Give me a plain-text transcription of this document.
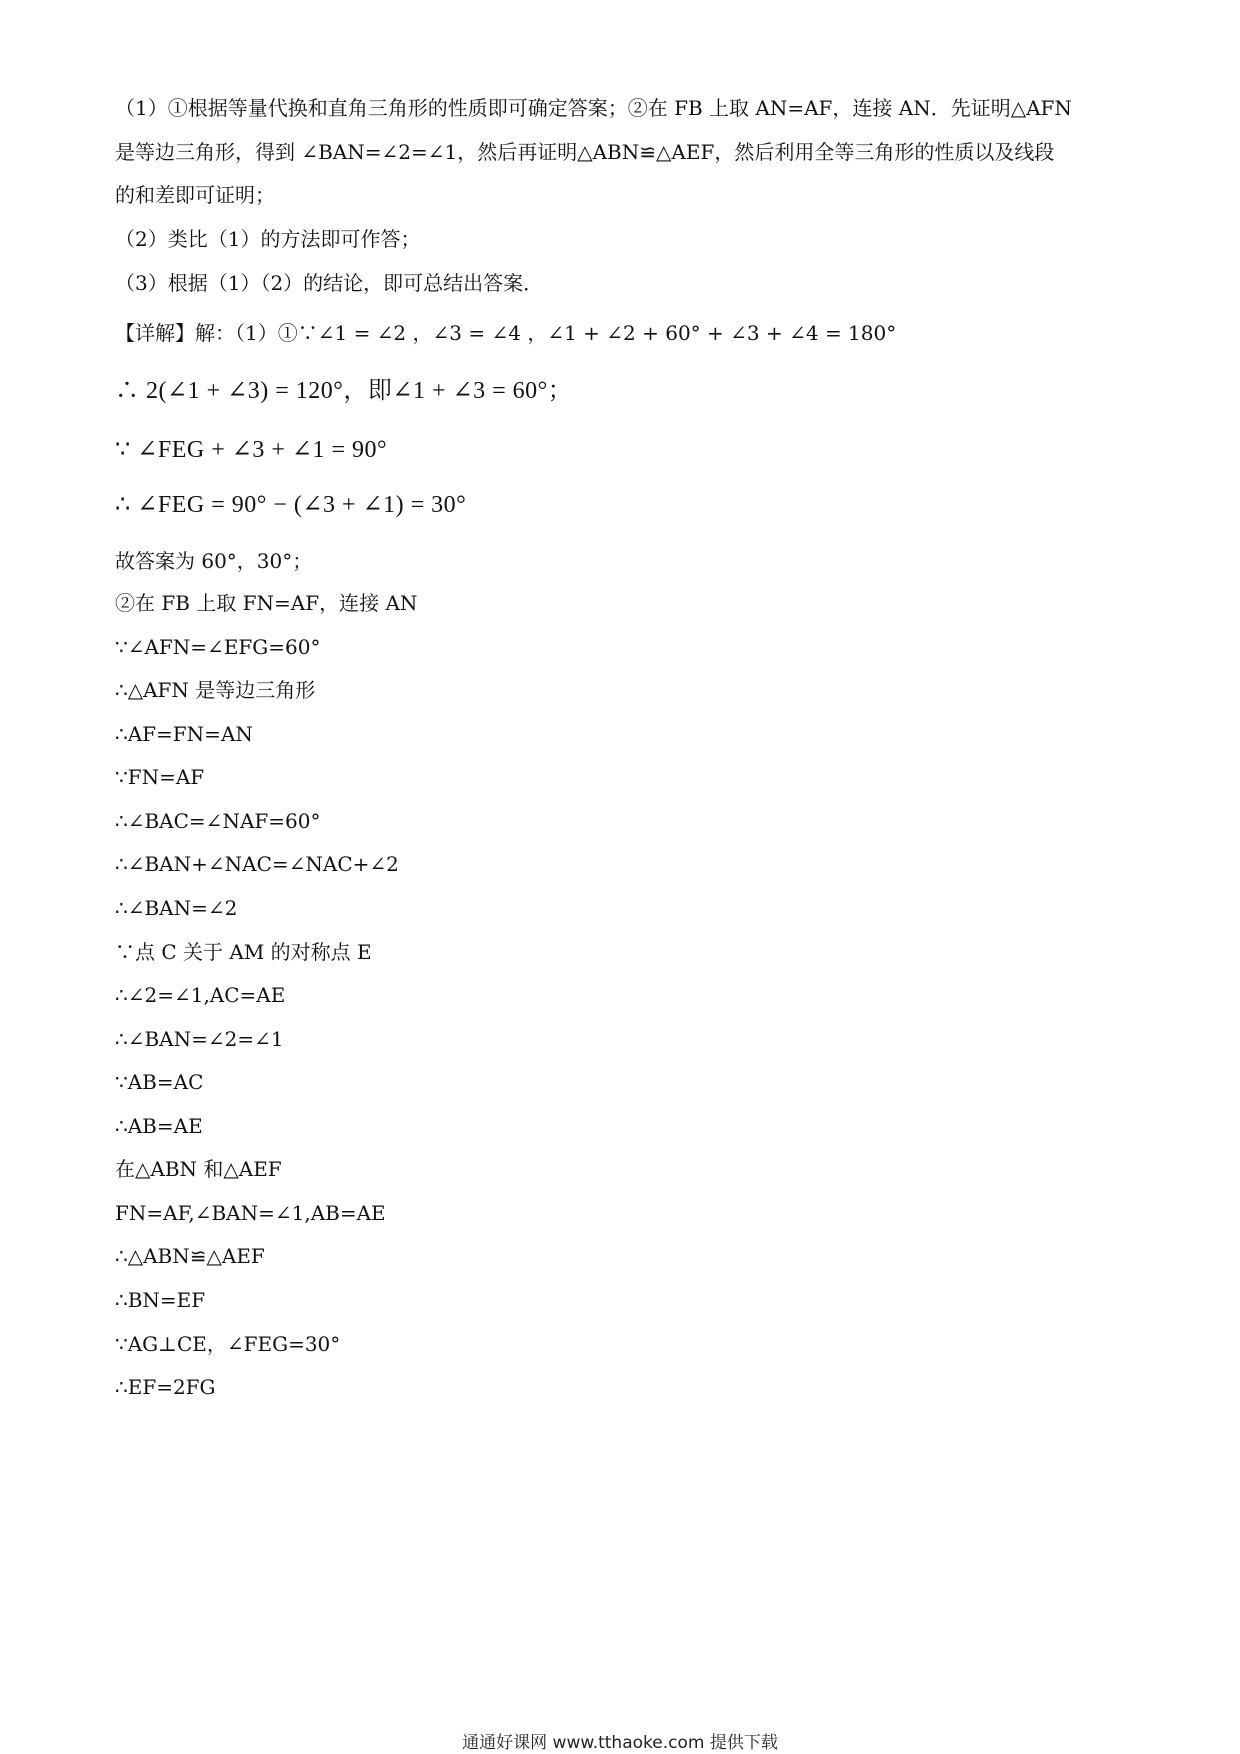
（1）①根据等量代换和直角三角形的性质即可确定答案；②在 FB 上取 AN=AF，连接 AN．先证明△AFN

是等边三角形，得到 ∠BAN=∠2=∠1，然后再证明△ABN≌△AEF，然后利用全等三角形的性质以及线段

的和差即可证明；

（2）类比（1）的方法即可作答；

（3）根据（1）（2）的结论，即可总结出答案．

【详解】解：（1）①∵∠1 = ∠2 ，∠3 = ∠4 ，∠1 + ∠2 + 60° + ∠3 + ∠4 = 180°

∴ 2(∠1 + ∠3) = 120°，即∠1 + ∠3 = 60°；

∵ ∠FEG + ∠3 + ∠1 = 90°

∴ ∠FEG = 90° − (∠3 + ∠1) = 30°

故答案为 60°，30°；

②在 FB 上取 FN=AF，连接 AN

∵∠AFN=∠EFG=60°

∴△AFN 是等边三角形

∴AF=FN=AN

∵FN=AF

∴∠BAC=∠NAF=60°

∴∠BAN+∠NAC=∠NAC+∠2

∴∠BAN=∠2

∵点 C 关于 AM 的对称点 E

∴∠2=∠1,AC=AE

∴∠BAN=∠2=∠1

∵AB=AC

∴AB=AE

在△ABN 和△AEF

FN=AF,∠BAN=∠1,AB=AE

∴△ABN≌△AEF

∴BN=EF

∵AG⊥CE，∠FEG=30°

∴EF=2FG

通通好课网 www.tthaoke.com 提供下载
